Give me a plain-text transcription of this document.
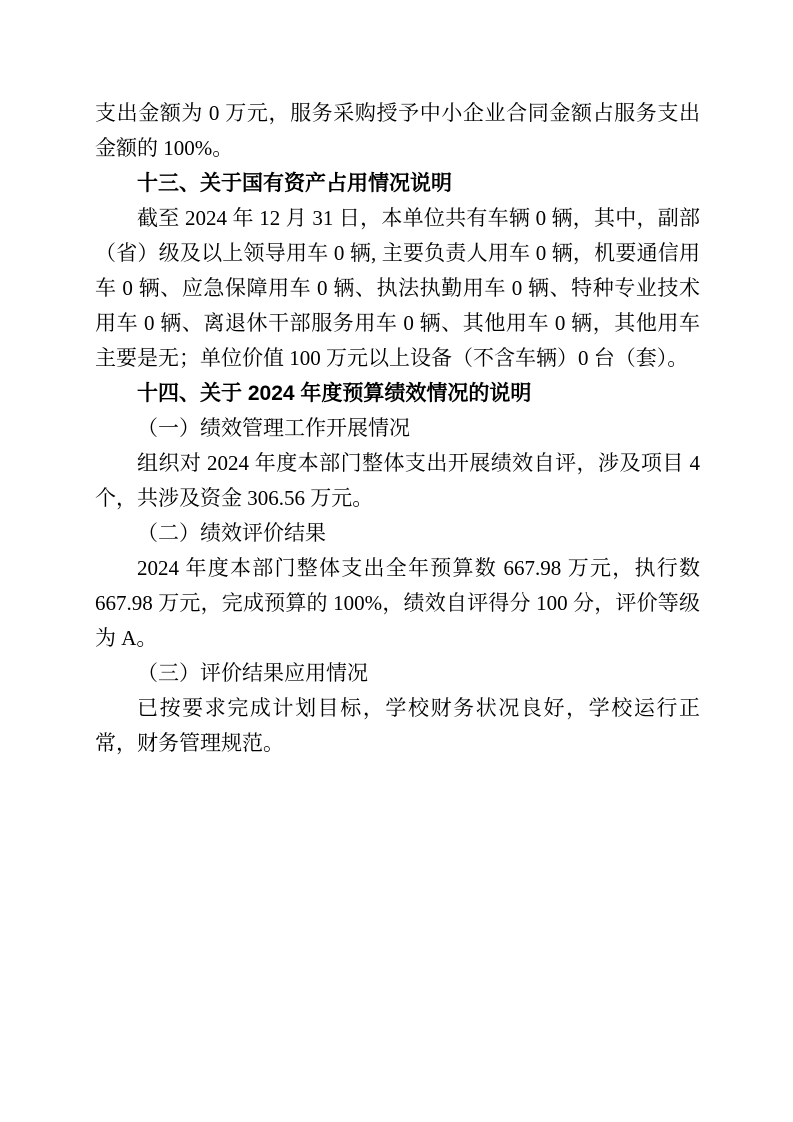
支出金额为 0 万元，服务采购授予中小企业合同金额占服务支出金额的 100%。

十三、关于国有资产占用情况说明

截至 2024 年 12 月 31 日，本单位共有车辆 0 辆，其中，副部（省）级及以上领导用车 0 辆, 主要负责人用车 0 辆，机要通信用车 0 辆、应急保障用车 0 辆、执法执勤用车 0 辆、特种专业技术用车 0 辆、离退休干部服务用车 0 辆、其他用车 0 辆，其他用车主要是无；单位价值 100 万元以上设备（不含车辆）0 台（套）。

十四、关于 2024 年度预算绩效情况的说明
（一）绩效管理工作开展情况

组织对 2024 年度本部门整体支出开展绩效自评，涉及项目 4 个，共涉及资金 306.56 万元。

（二）绩效评价结果

2024 年度本部门整体支出全年预算数 667.98 万元，执行数 667.98 万元，完成预算的 100%，绩效自评得分 100 分，评价等级为 A。

（三）评价结果应用情况

已按要求完成计划目标，学校财务状况良好，学校运行正常，财务管理规范。
